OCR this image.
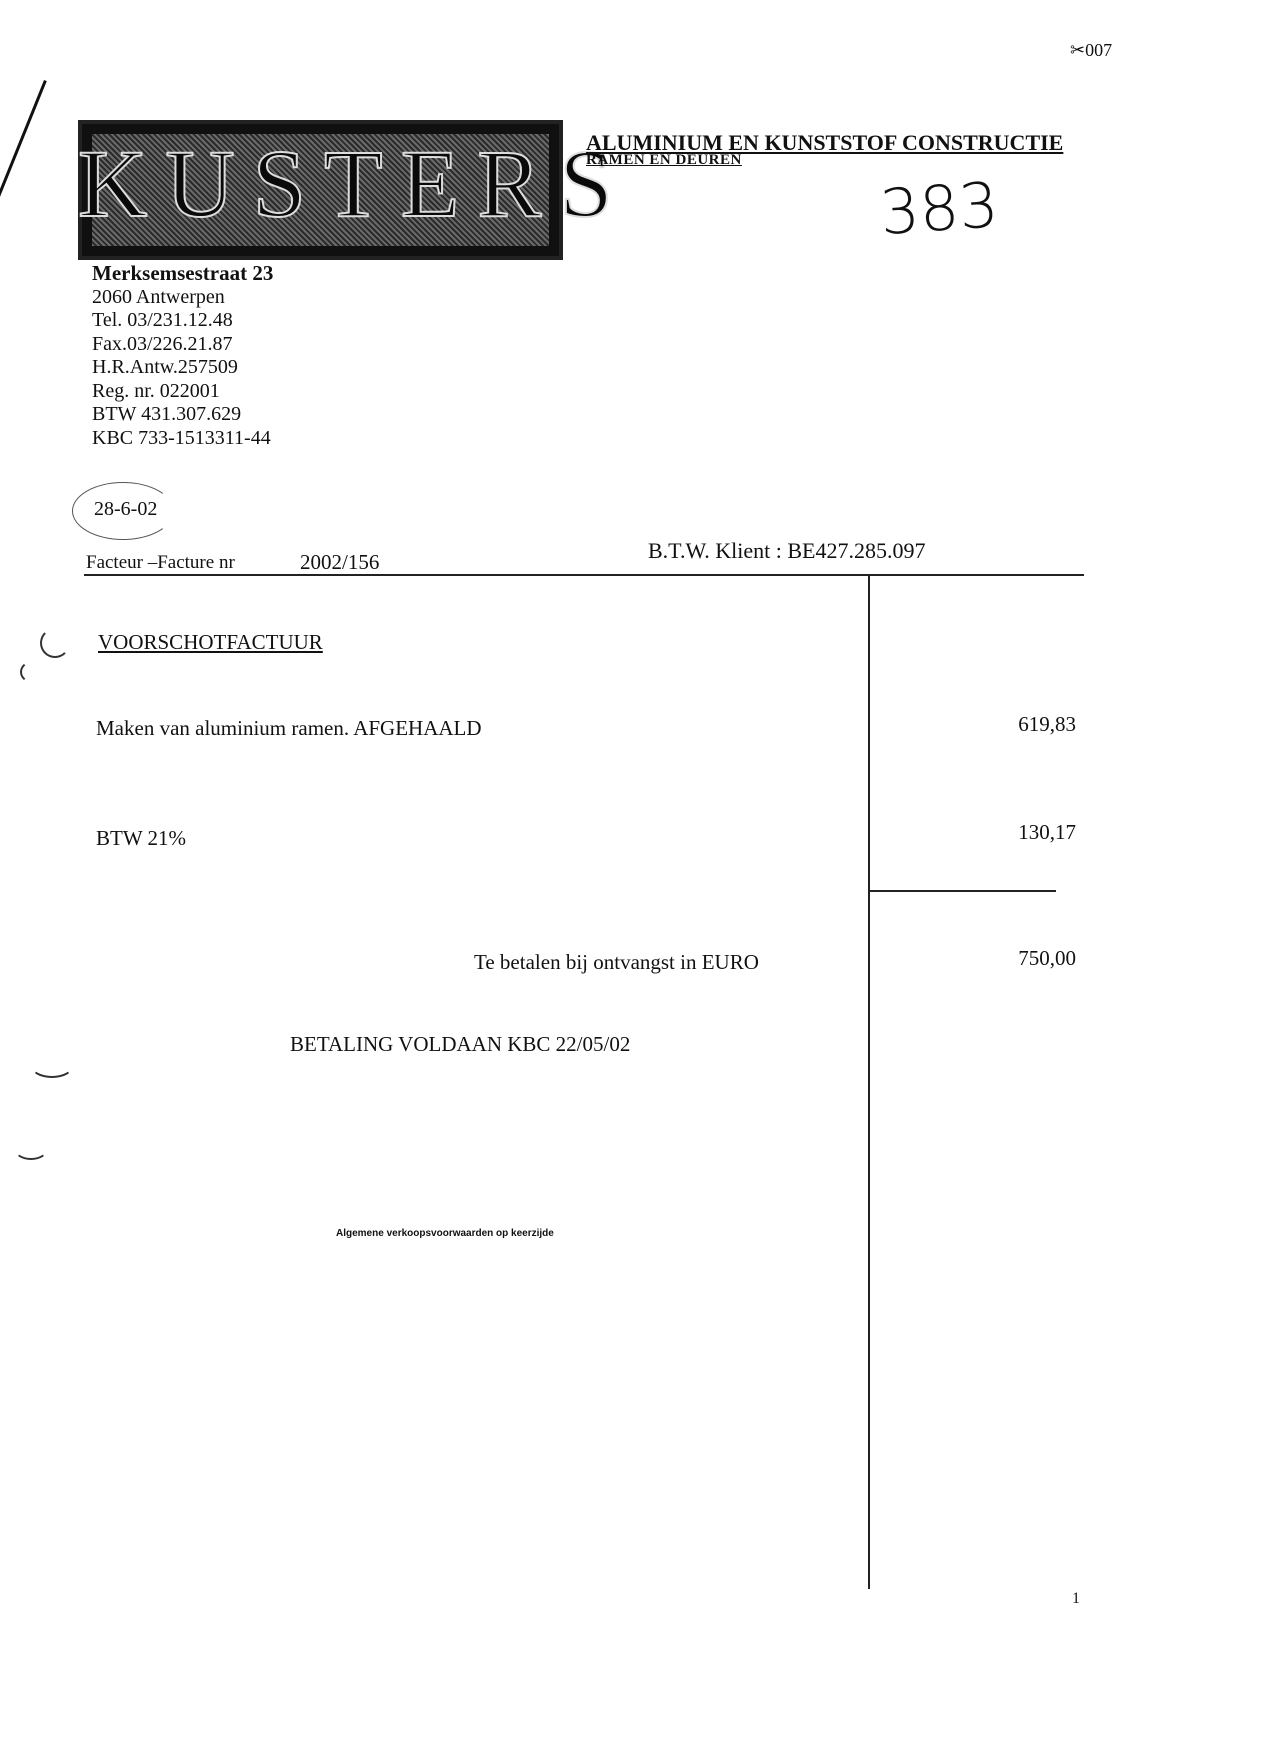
✂007
KUSTERS
ALUMINIUM EN KUNSTSTOF CONSTRUCTIE
RAMEN EN DEUREN
383
Merksemsestraat 23
2060 Antwerpen
Tel. 03/231.12.48
Fax.03/226.21.87
H.R.Antw.257509
Reg. nr. 022001
BTW 431.307.629
KBC 733-1513311-44
28-6-02
Facteur –Facture nr	2002/156	B.T.W. Klient : BE427.285.097
VOORSCHOTFACTUUR
Maken van aluminium ramen. AFGEHAALD	619,83
BTW 21%	130,17
Te betalen bij ontvangst in EURO	750,00
BETALING VOLDAAN KBC 22/05/02
Algemene verkoopsvoorwaarden op keerzijde
1
